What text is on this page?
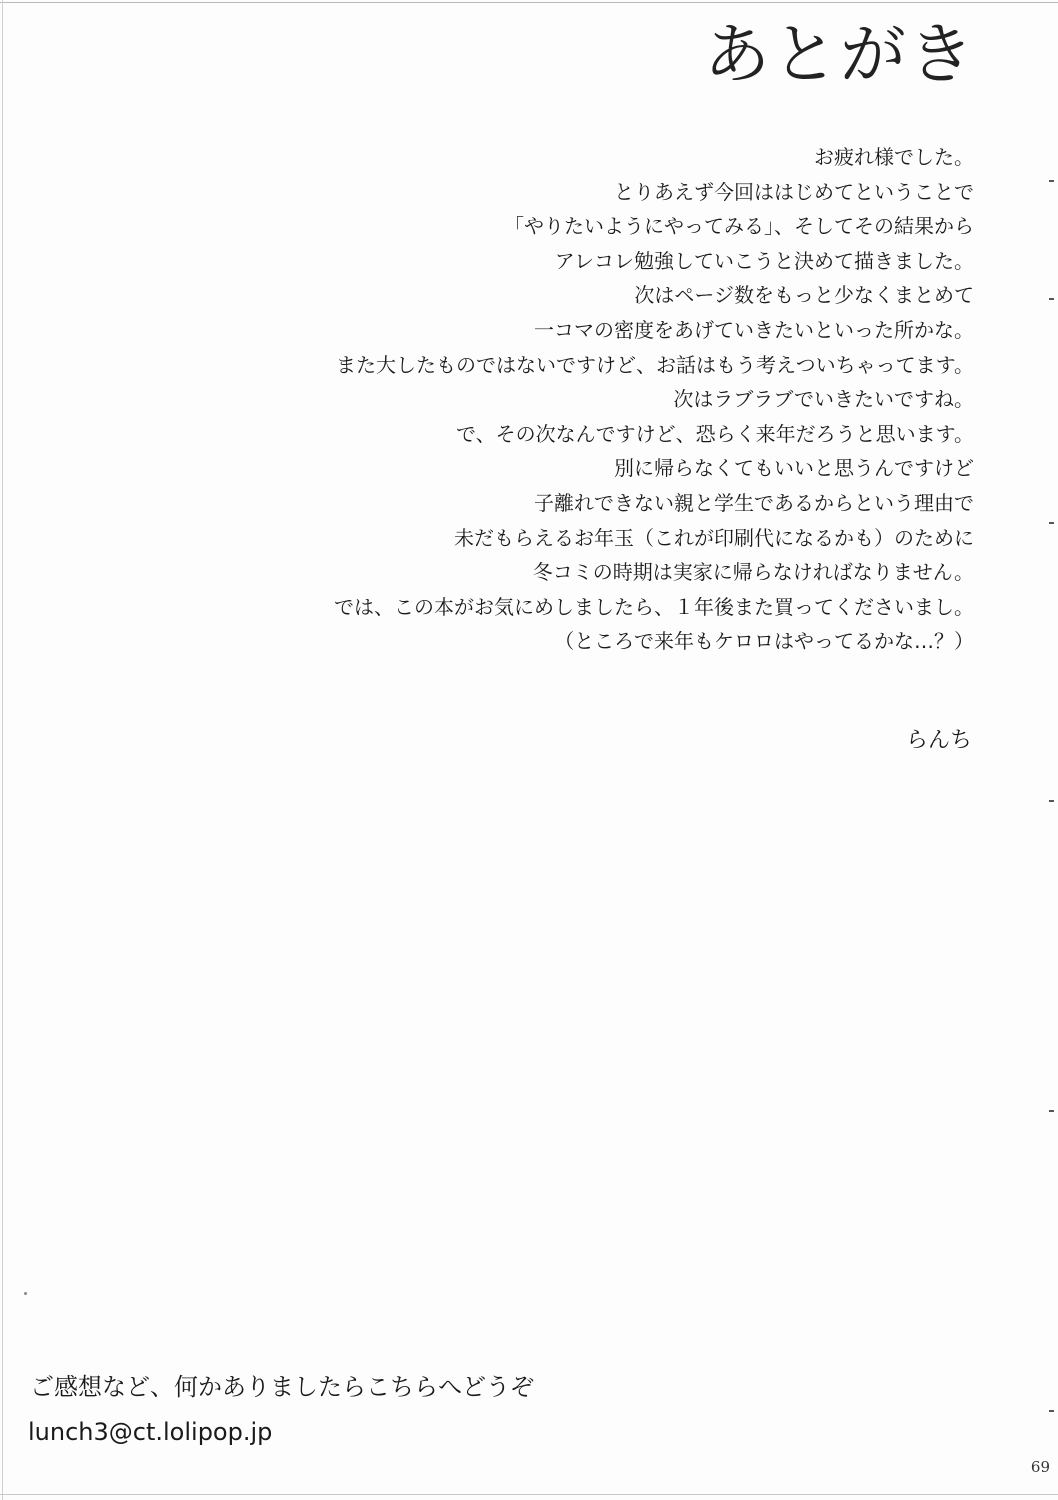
あとがき
お疲れ様でした。
とりあえず今回ははじめてということで
「やりたいようにやってみる」、そしてその結果から
アレコレ勉強していこうと決めて描きました。
次はページ数をもっと少なくまとめて
一コマの密度をあげていきたいといった所かな。
また大したものではないですけど、お話はもう考えついちゃってます。
次はラブラブでいきたいですね。
で、その次なんですけど、恐らく来年だろうと思います。
別に帰らなくてもいいと思うんですけど
子離れできない親と学生であるからという理由で
未だもらえるお年玉（これが印刷代になるかも）のために
冬コミの時期は実家に帰らなければなりません。
では、この本がお気にめしましたら、１年後また買ってくださいまし。
（ところで来年もケロロはやってるかな…？）
らんち
ご感想など、何かありましたらこちらへどうぞ
lunch3@ct.lolipop.jp
69
